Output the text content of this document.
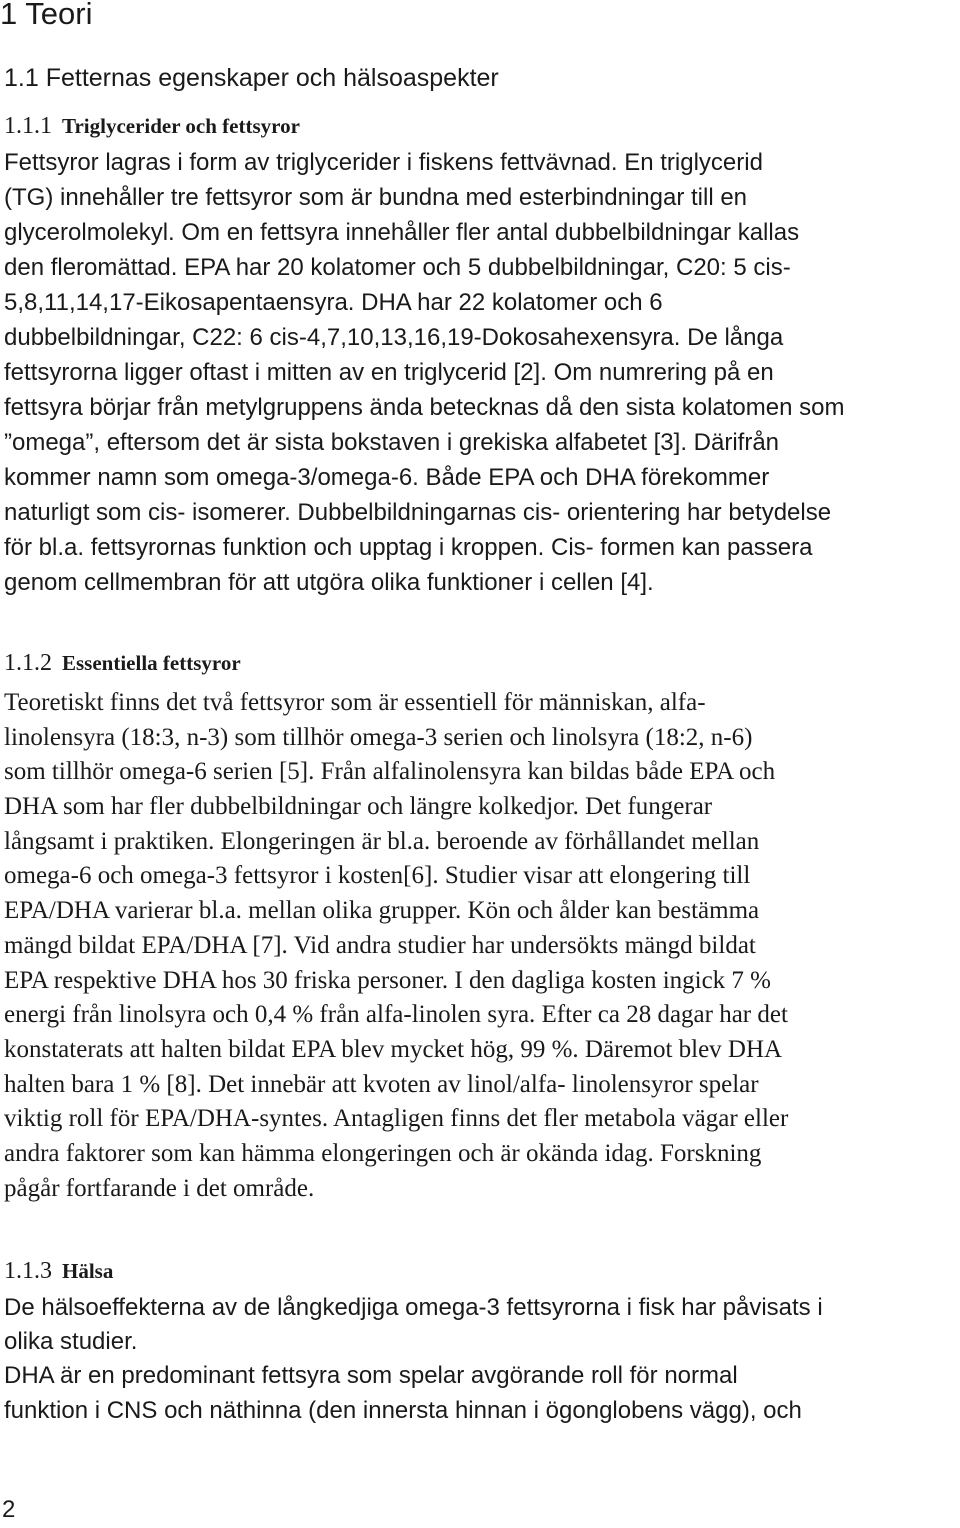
1 Teori
1.1 Fetternas egenskaper och hälsoaspekter
1.1.1 Triglycerider och fettsyror
Fettsyror lagras i form av triglycerider i fiskens fettvävnad. En triglycerid
(TG) innehåller tre fettsyror som är bundna med esterbindningar till en
glycerolmolekyl. Om en fettsyra innehåller fler antal dubbelbildningar kallas
den fleromättad. EPA har 20 kolatomer och 5 dubbelbildningar, C20: 5 cis-
5,8,11,14,17-Eikosapentaensyra. DHA har 22 kolatomer och 6
dubbelbildningar, C22: 6 cis-4,7,10,13,16,19-Dokosahexensyra. De långa
fettsyrorna ligger oftast i mitten av en triglycerid [2]. Om numrering på en
fettsyra börjar från metylgruppens ända betecknas då den sista kolatomen som
”omega”, eftersom det är sista bokstaven i grekiska alfabetet [3]. Därifrån
kommer namn som omega-3/omega-6. Både EPA och DHA förekommer
naturligt som cis- isomerer. Dubbelbildningarnas cis- orientering har betydelse
för bl.a. fettsyrornas funktion och upptag i kroppen. Cis- formen kan passera
genom cellmembran för att utgöra olika funktioner i cellen [4].
1.1.2 Essentiella fettsyror
Teoretiskt finns det två fettsyror som är essentiell för människan, alfa-
linolensyra (18:3, n-3) som tillhör omega-3 serien och linolsyra (18:2, n-6)
som tillhör omega-6 serien [5]. Från alfalinolensyra kan bildas både EPA och
DHA som har fler dubbelbildningar och längre kolkedjor. Det fungerar
långsamt i praktiken. Elongeringen är bl.a. beroende av förhållandet mellan
omega-6 och omega-3 fettsyror i kosten[6]. Studier visar att elongering till
EPA/DHA varierar bl.a. mellan olika grupper. Kön och ålder kan bestämma
mängd bildat EPA/DHA [7]. Vid andra studier har undersökts mängd bildat
EPA respektive DHA hos 30 friska personer. I den dagliga kosten ingick 7 %
energi från linolsyra och 0,4 % från alfa-linolen syra. Efter ca 28 dagar har det
konstaterats att halten bildat EPA blev mycket hög, 99 %. Däremot blev DHA
halten bara 1 % [8]. Det innebär att kvoten av linol/alfa- linolensyror spelar
viktig roll för EPA/DHA-syntes. Antagligen finns det fler metabola vägar eller
andra faktorer som kan hämma elongeringen och är okända idag. Forskning
pågår fortfarande i det område.
1.1.3 Hälsa
De hälsoeffekterna av de långkedjiga omega-3 fettsyrorna i fisk har påvisats i
olika studier.
DHA är en predominant fettsyra som spelar avgörande roll för normal
funktion i CNS och näthinna (den innersta hinnan i ögonglobens vägg), och
2
